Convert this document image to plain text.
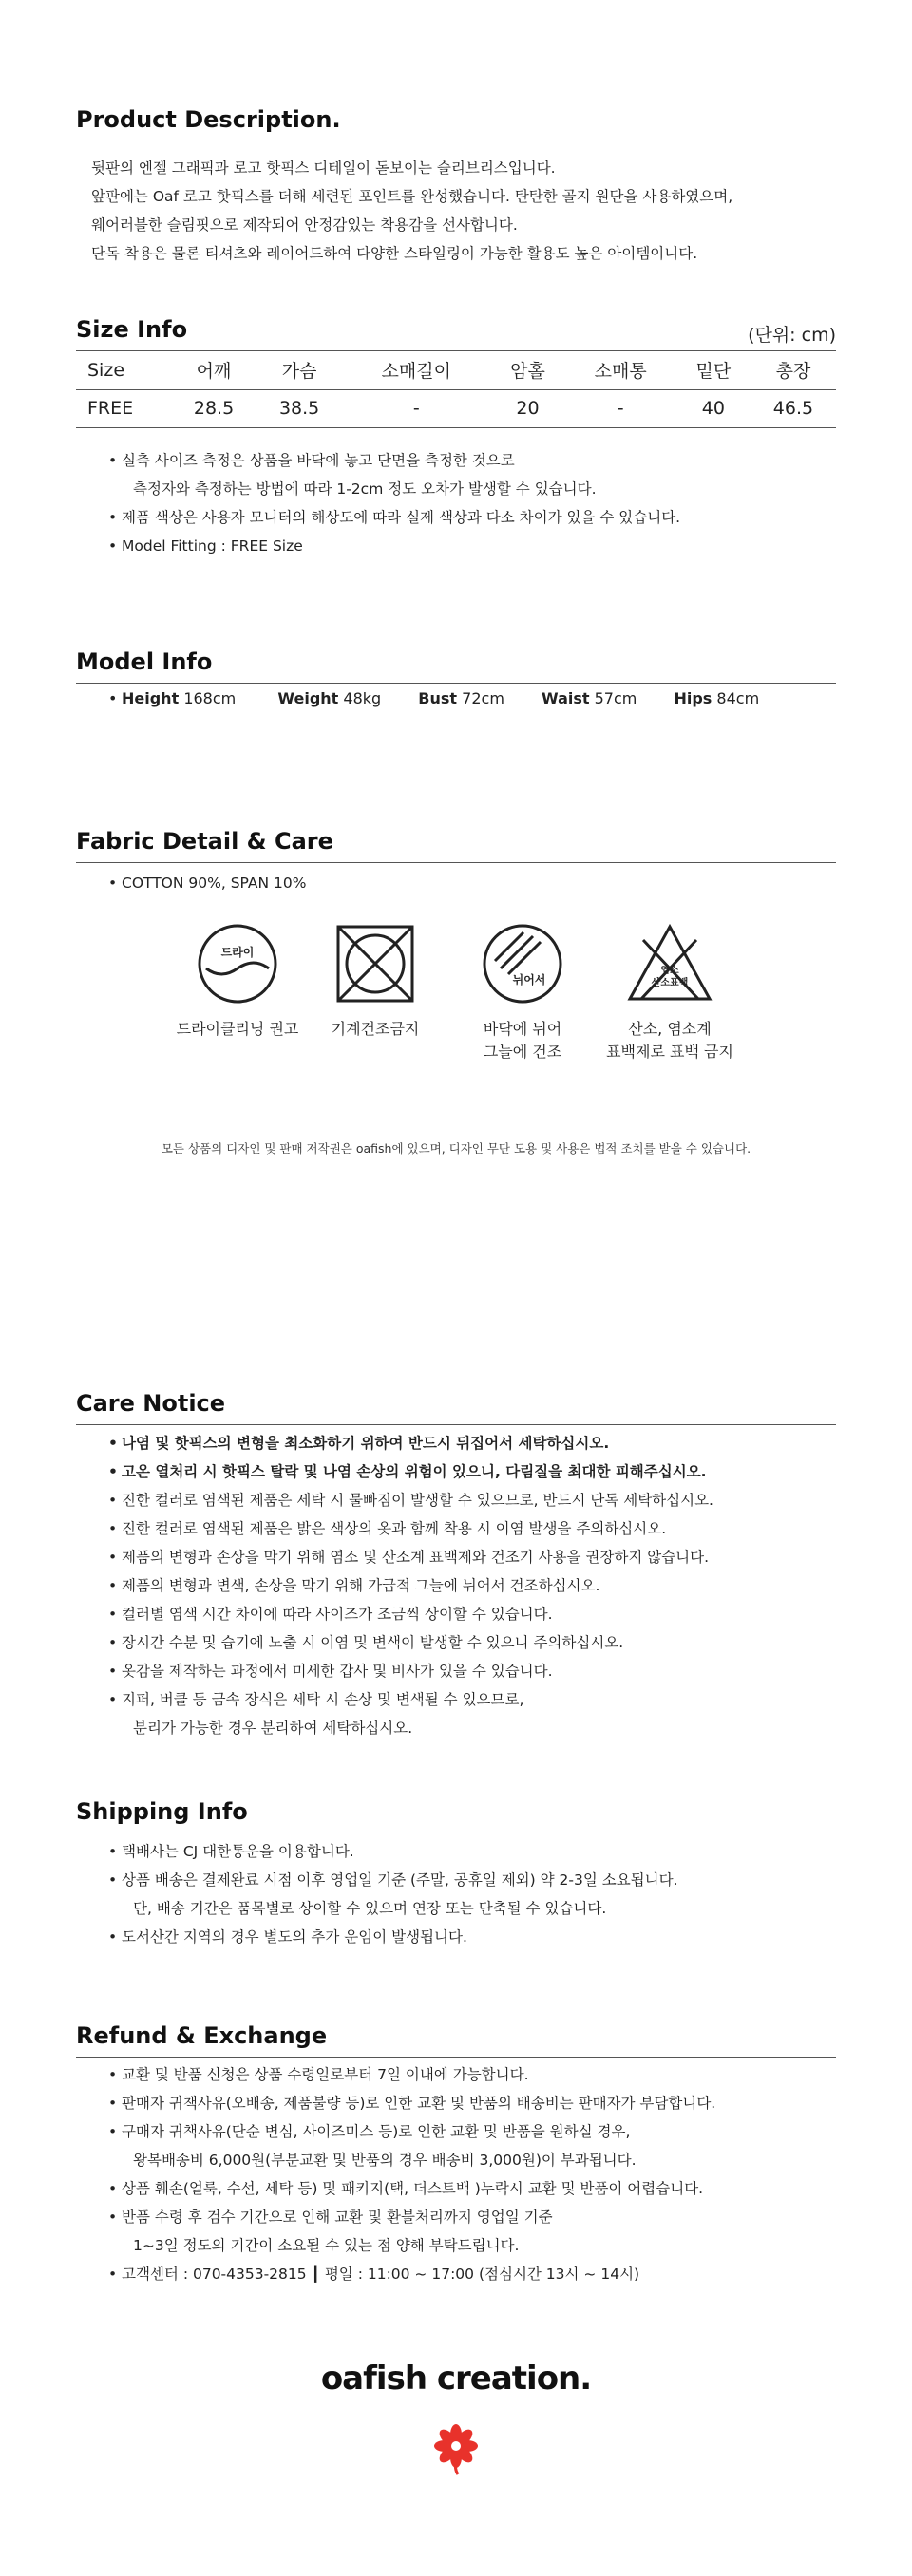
Product Description.
뒷판의 엔젤 그래픽과 로고 핫픽스 디테일이 돋보이는 슬리브리스입니다.
앞판에는 Oaf 로고 핫픽스를 더해 세련된 포인트를 완성했습니다. 탄탄한 골지 원단을 사용하였으며,
웨어러블한 슬림핏으로 제작되어 안정감있는 착용감을 선사합니다.
단독 착용은 물론 티셔츠와 레이어드하여 다양한 스타일링이 가능한 활용도 높은 아이템이니다.
Size Info	(단위: cm)
Size	어깨	가슴	소매길이	암홀	소매통	밑단	총장
FREE	28.5	38.5	-	20	-	40	46.5
• 실측 사이즈 측정은 상품을 바닥에 놓고 단면을 측정한 것으로
측정자와 측정하는 방법에 따라 1-2cm 정도 오차가 발생할 수 있습니다.
• 제품 색상은 사용자 모니터의 해상도에 따라 실제 색상과 다소 차이가 있을 수 있습니다.
• Model Fitting : FREE Size
Model Info
• Height 168cm	Weight 48kg Bust 72cm Waist 57cm Hips 84cm
Fabric Detail & Care
• COTTON 90%, SPAN 10%
드라이
드라이클리닝 권고	기계건조금지
뉘어서
바닥에 뉘어
그늘에 건조
염소
산소표백
산소, 염소계
표백제로 표백 금지
모든 상품의 디자인 및 판매 저작권은 oafish에 있으며, 디자인 무단 도용 및 사용은 법적 조치를 받을 수 있습니다.
Care Notice
• 나염 및 핫픽스의 변형을 최소화하기 위하여 반드시 뒤집어서 세탁하십시오.
• 고온 열처리 시 핫픽스 탈락 및 나염 손상의 위험이 있으니, 다림질을 최대한 피해주십시오.
• 진한 컬러로 염색된 제품은 세탁 시 물빠짐이 발생할 수 있으므로, 반드시 단독 세탁하십시오.
• 진한 컬러로 염색된 제품은 밝은 색상의 옷과 함께 착용 시 이염 발생을 주의하십시오.
• 제품의 변형과 손상을 막기 위해 염소 및 산소계 표백제와 건조기 사용을 권장하지 않습니다.
• 제품의 변형과 변색, 손상을 막기 위해 가급적 그늘에 뉘어서 건조하십시오.
• 컬러별 염색 시간 차이에 따라 사이즈가 조금씩 상이할 수 있습니다.
• 장시간 수분 및 습기에 노출 시 이염 및 변색이 발생할 수 있으니 주의하십시오.
• 옷감을 제작하는 과정에서 미세한 갑사 및 비사가 있을 수 있습니다.
• 지퍼, 버클 등 금속 장식은 세탁 시 손상 및 변색될 수 있으므로,
분리가 가능한 경우 분리하여 세탁하십시오.
Shipping Info
• 택배사는 CJ 대한통운을 이용합니다.
• 상품 배송은 결제완료 시점 이후 영업일 기준 (주말, 공휴일 제외) 약 2-3일 소요됩니다.
단, 배송 기간은 품목별로 상이할 수 있으며 연장 또는 단축될 수 있습니다.
• 도서산간 지역의 경우 별도의 추가 운임이 발생됩니다.
Refund & Exchange
• 교환 및 반품 신청은 상품 수령일로부터 7일 이내에 가능합니다.
• 판매자 귀책사유(오배송, 제품불량 등)로 인한 교환 및 반품의 배송비는 판매자가 부담합니다.
• 구매자 귀책사유(단순 변심, 사이즈미스 등)로 인한 교환 및 반품을 원하실 경우,
왕복배송비 6,000원(부분교환 및 반품의 경우 배송비 3,000원)이 부과됩니다.
• 상품 훼손(얼룩, 수선, 세탁 등) 및 패키지(택, 더스트백 )누락시 교환 및 반품이 어렵습니다.
• 반품 수령 후 검수 기간으로 인해 교환 및 환불처리까지 영업일 기준
1~3일 정도의 기간이 소요될 수 있는 점 양해 부탁드립니다.
• 고객센터 : 070-4353-2815 ┃ 평일 : 11:00 ~ 17:00 (점심시간 13시 ~ 14시)
oafish creation.
